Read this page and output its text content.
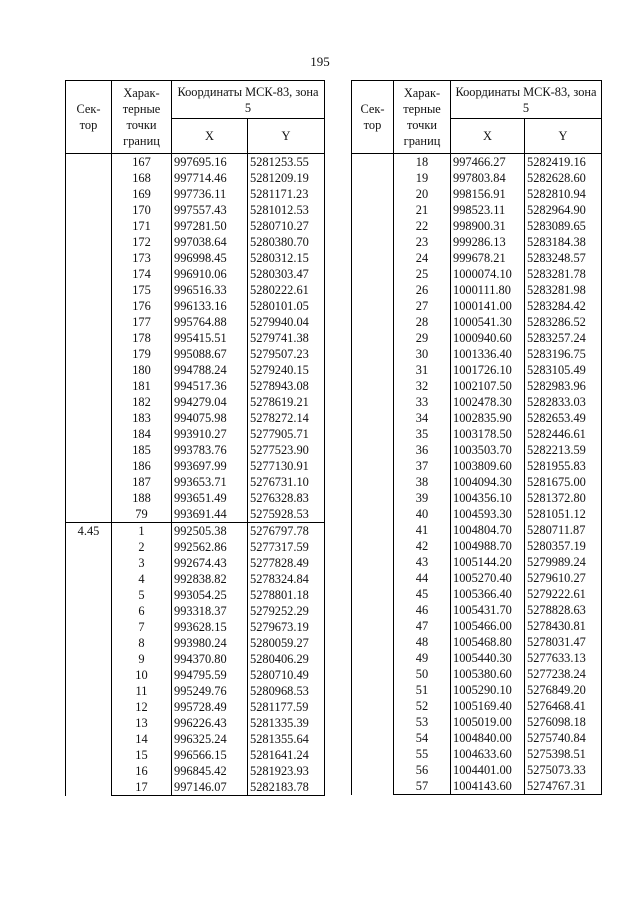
195
Сек-тор	Харак-терные точки границ	Координаты МСК-83, зона 5	
		X	Y
	167	997695.16	5281253.55
	168	997714.46	5281209.19
	169	997736.11	5281171.23
	170	997557.43	5281012.53
	171	997281.50	5280710.27
	172	997038.64	5280380.70
	173	996998.45	5280312.15
	174	996910.06	5280303.47
	175	996516.33	5280222.61
	176	996133.16	5280101.05
	177	995764.88	5279940.04
	178	995415.51	5279741.38
	179	995088.67	5279507.23
	180	994788.24	5279240.15
	181	994517.36	5278943.08
	182	994279.04	5278619.21
	183	994075.98	5278272.14
	184	993910.27	5277905.71
	185	993783.76	5277523.90
	186	993697.99	5277130.91
	187	993653.71	5276731.10
	188	993651.49	5276328.83
	79	993691.44	5275928.53
4.45	1	992505.38	5276797.78
	2	992562.86	5277317.59
	3	992674.43	5277828.49
	4	992838.82	5278324.84
	5	993054.25	5278801.18
	6	993318.37	5279252.29
	7	993628.15	5279673.19
	8	993980.24	5280059.27
	9	994370.80	5280406.29
	10	994795.59	5280710.49
	11	995249.76	5280968.53
	12	995728.49	5281177.59
	13	996226.43	5281335.39
	14	996325.24	5281355.64
	15	996566.15	5281641.24
	16	996845.42	5281923.93
	17	997146.07	5282183.78
Сек-тор	Харак-терные точки границ	Координаты МСК-83, зона 5	
		X	Y
	18	997466.27	5282419.16
	19	997803.84	5282628.60
	20	998156.91	5282810.94
	21	998523.11	5282964.90
	22	998900.31	5283089.65
	23	999286.13	5283184.38
	24	999678.21	5283248.57
	25	1000074.10	5283281.78
	26	1000111.80	5283281.98
	27	1000141.00	5283284.42
	28	1000541.30	5283286.52
	29	1000940.60	5283257.24
	30	1001336.40	5283196.75
	31	1001726.10	5283105.49
	32	1002107.50	5282983.96
	33	1002478.30	5282833.03
	34	1002835.90	5282653.49
	35	1003178.50	5282446.61
	36	1003503.70	5282213.59
	37	1003809.60	5281955.83
	38	1004094.30	5281675.00
	39	1004356.10	5281372.80
	40	1004593.30	5281051.12
	41	1004804.70	5280711.87
	42	1004988.70	5280357.19
	43	1005144.20	5279989.24
	44	1005270.40	5279610.27
	45	1005366.40	5279222.61
	46	1005431.70	5278828.63
	47	1005466.00	5278430.81
	48	1005468.80	5278031.47
	49	1005440.30	5277633.13
	50	1005380.60	5277238.24
	51	1005290.10	5276849.20
	52	1005169.40	5276468.41
	53	1005019.00	5276098.18
	54	1004840.00	5275740.84
	55	1004633.60	5275398.51
	56	1004401.00	5275073.33
	57	1004143.60	5274767.31
